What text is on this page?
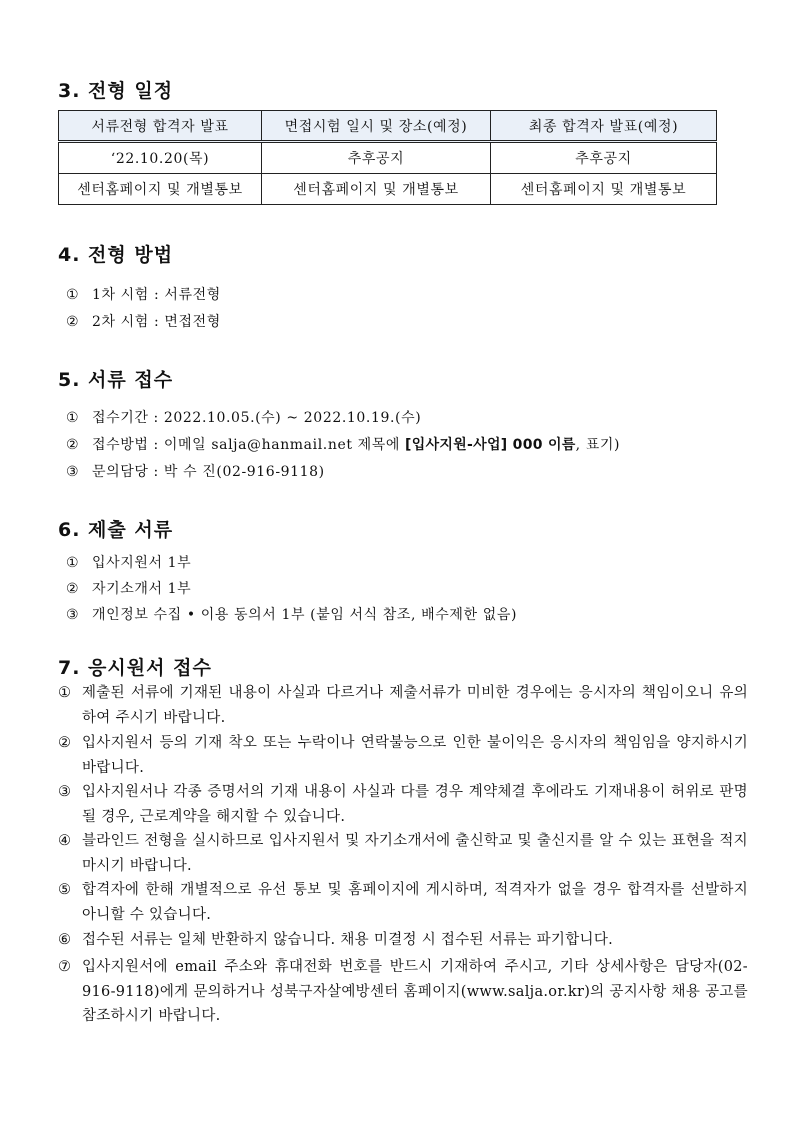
3. 전형 일정
서류전형 합격자 발표	면접시험 일시 및 장소(예정)	최종 합격자 발표(예정)
‘22.10.20(목)	추후공지	추후공지
센터홈페이지 및 개별통보	센터홈페이지 및 개별통보	센터홈페이지 및 개별통보
4. 전형 방법
① 1차 시험 : 서류전형
② 2차 시험 : 면접전형
5. 서류 접수
① 접수기간 : 2022.10.05.(수) ~ 2022.10.19.(수)
② 접수방법 : 이메일 salja@hanmail.net 제목에 [입사지원-사업] 000 이름, 표기)
③ 문의담당 : 박 수 진(02-916-9118)
6. 제출 서류
① 입사지원서 1부
② 자기소개서 1부
③ 개인정보 수집 • 이용 동의서 1부 (붙임 서식 참조, 배수제한 없음)
7. 응시원서 접수
① 제출된 서류에 기재된 내용이 사실과 다르거나 제출서류가 미비한 경우에는 응시자의 책임이오니 유의하여 주시기 바랍니다.
② 입사지원서 등의 기재 착오 또는 누락이나 연락불능으로 인한 불이익은 응시자의 책임임을 양지하시기 바랍니다.
③ 입사지원서나 각종 증명서의 기재 내용이 사실과 다를 경우 계약체결 후에라도 기재내용이 허위로 판명될 경우, 근로계약을 해지할 수 있습니다.
④ 블라인드 전형을 실시하므로 입사지원서 및 자기소개서에 출신학교 및 출신지를 알 수 있는 표현을 적지 마시기 바랍니다.
⑤ 합격자에 한해 개별적으로 유선 통보 및 홈페이지에 게시하며, 적격자가 없을 경우 합격자를 선발하지 아니할 수 있습니다.
⑥ 접수된 서류는 일체 반환하지 않습니다. 채용 미결정 시 접수된 서류는 파기합니다.
⑦ 입사지원서에 email 주소와 휴대전화 번호를 반드시 기재하여 주시고, 기타 상세사항은 담당자(02-916-9118)에게 문의하거나 성북구자살예방센터 홈페이지(www.salja.or.kr)의 공지사항 채용 공고를 참조하시기 바랍니다.
